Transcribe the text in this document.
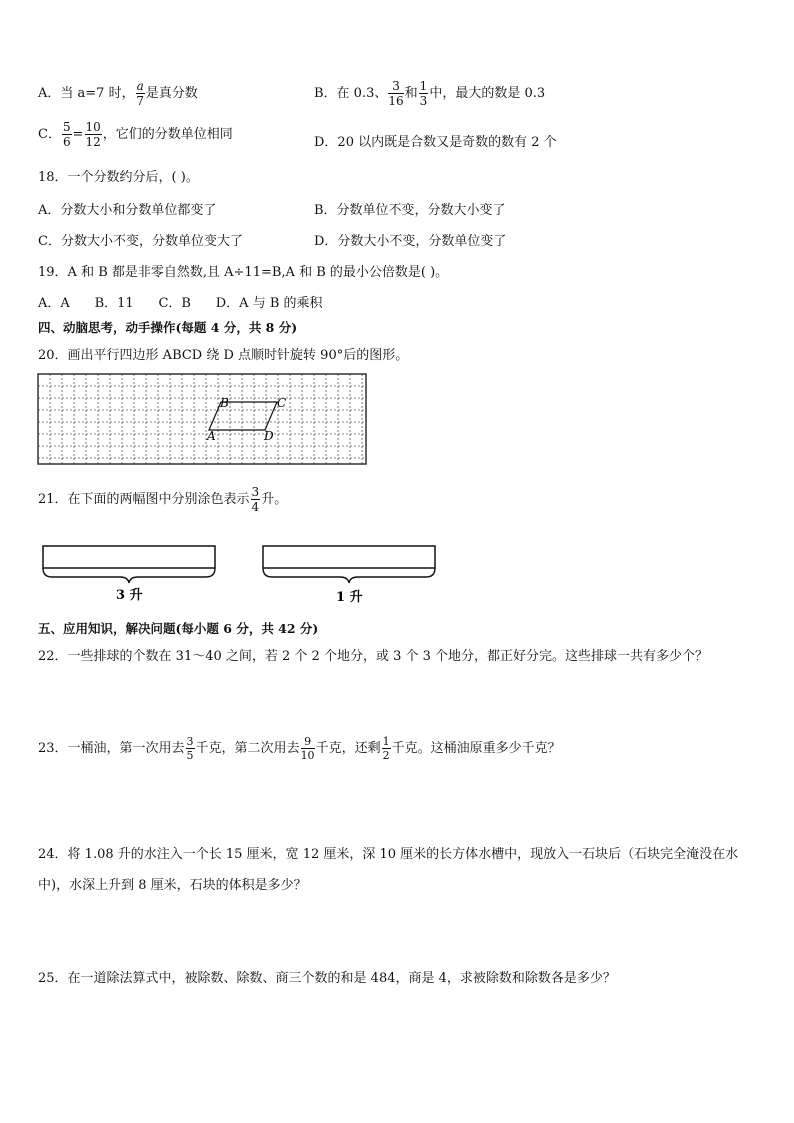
A．当 a=7 时， $\frac{a}{7}$ 是真分数	B．在 0.3、 $\frac{3}{16}$ 和 $\frac{1}{3}$ 中，最大的数是 0.3
C． $\frac{5}{6} = \frac{10}{12}$ ，它们的分数单位相同
D．20 以内既是合数又是奇数的数有 2 个
18．一个分数约分后，( )。
A．分数大小和分数单位都变了	B．分数单位不变，分数大小变了
C．分数大小不变，分数单位变大了	D．分数大小不变，分数单位变了
19．A 和 B 都是非零自然数,且 A÷11=B,A 和 B 的最小公倍数是( )。
A．A      B．11      C．B      D．A 与 B 的乘积
四、动脑思考，动手操作(每题 4 分，共 8 分)
20．画出平行四边形 ABCD 绕 D 点顺时针旋转 90°后的图形。
B	C
A	D
21．在下面的两幅图中分别涂色表示 $\frac{3}{4}$ 升。
3 升	1 升
五、应用知识，解决问题(每小题 6 分，共 42 分)
22．一些排球的个数在 31～40 之间，若 2 个 2 个地分，或 3 个 3 个地分，都正好分完。这些排球一共有多少个？
23．一桶油，第一次用去 $\frac{3}{5}$ 千克，第二次用去 $\frac{9}{10}$ 千克，还剩 $\frac{1}{2}$ 千克。这桶油原重多少千克？
24．将 1.08 升的水注入一个长 15 厘米，宽 12 厘米，深 10 厘米的长方体水槽中，现放入一石块后（石块完全淹没在水
中)，水深上升到 8 厘米，石块的体积是多少？
25．在一道除法算式中，被除数、除数、商三个数的和是 484，商是 4，求被除数和除数各是多少？
